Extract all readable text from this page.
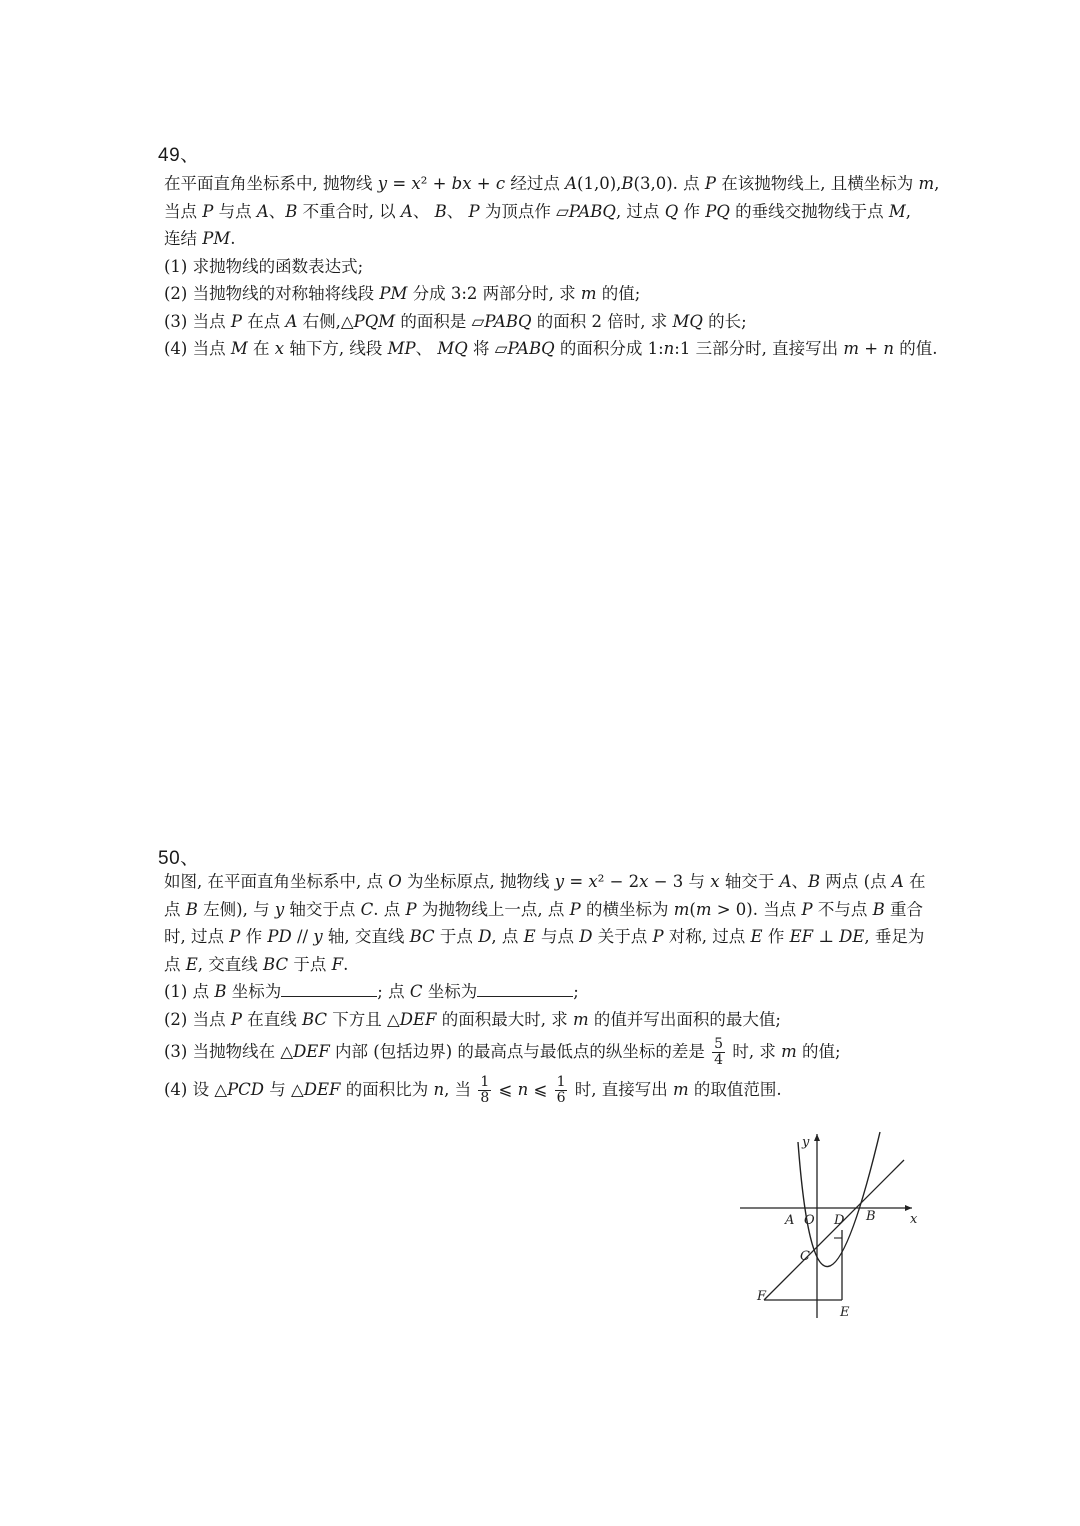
49、
在平面直角坐标系中, 抛物线 y = x² + bx + c 经过点 A(1,0),B(3,0). 点 P 在该抛物线上, 且横坐标为 m,
当点 P 与点 A、B 不重合时, 以 A、 B、 P 为顶点作 ▱PABQ, 过点 Q 作 PQ 的垂线交抛物线于点 M,
连结 PM.
(1) 求抛物线的函数表达式;
(2) 当抛物线的对称轴将线段 PM 分成 3:2 两部分时, 求 m 的值;
(3) 当点 P 在点 A 右侧,△PQM 的面积是 ▱PABQ 的面积 2 倍时, 求 MQ 的长;
(4) 当点 M 在 x 轴下方, 线段 MP、 MQ 将 ▱PABQ 的面积分成 1:n:1 三部分时, 直接写出 m + n 的值.
50、
如图, 在平面直角坐标系中, 点 O 为坐标原点, 抛物线 y = x² − 2x − 3 与 x 轴交于 A、B 两点 (点 A 在
点 B 左侧), 与 y 轴交于点 C. 点 P 为抛物线上一点, 点 P 的横坐标为 m(m > 0). 当点 P 不与点 B 重合
时, 过点 P 作 PD // y 轴, 交直线 BC 于点 D, 点 E 与点 D 关于点 P 对称, 过点 E 作 EF ⊥ DE, 垂足为
点 E, 交直线 BC 于点 F.
(1) 点 B 坐标为	; 点 C 坐标为	;
(2) 当点 P 在直线 BC 下方且 △DEF 的面积最大时, 求 m 的值并写出面积的最大值;
(3) 当抛物线在 △DEF 内部 (包括边界) 的最高点与最低点的纵坐标的差是 $\frac{5}{4}$ 时, 求 m 的值;
(4) 设 △PCD 与 △DEF 的面积比为 n, 当 $\frac{1}{8}$ ⩽ n ⩽ $\frac{1}{6}$ 时, 直接写出 m 的取值范围.
y
x
A O D B
C
F
E
